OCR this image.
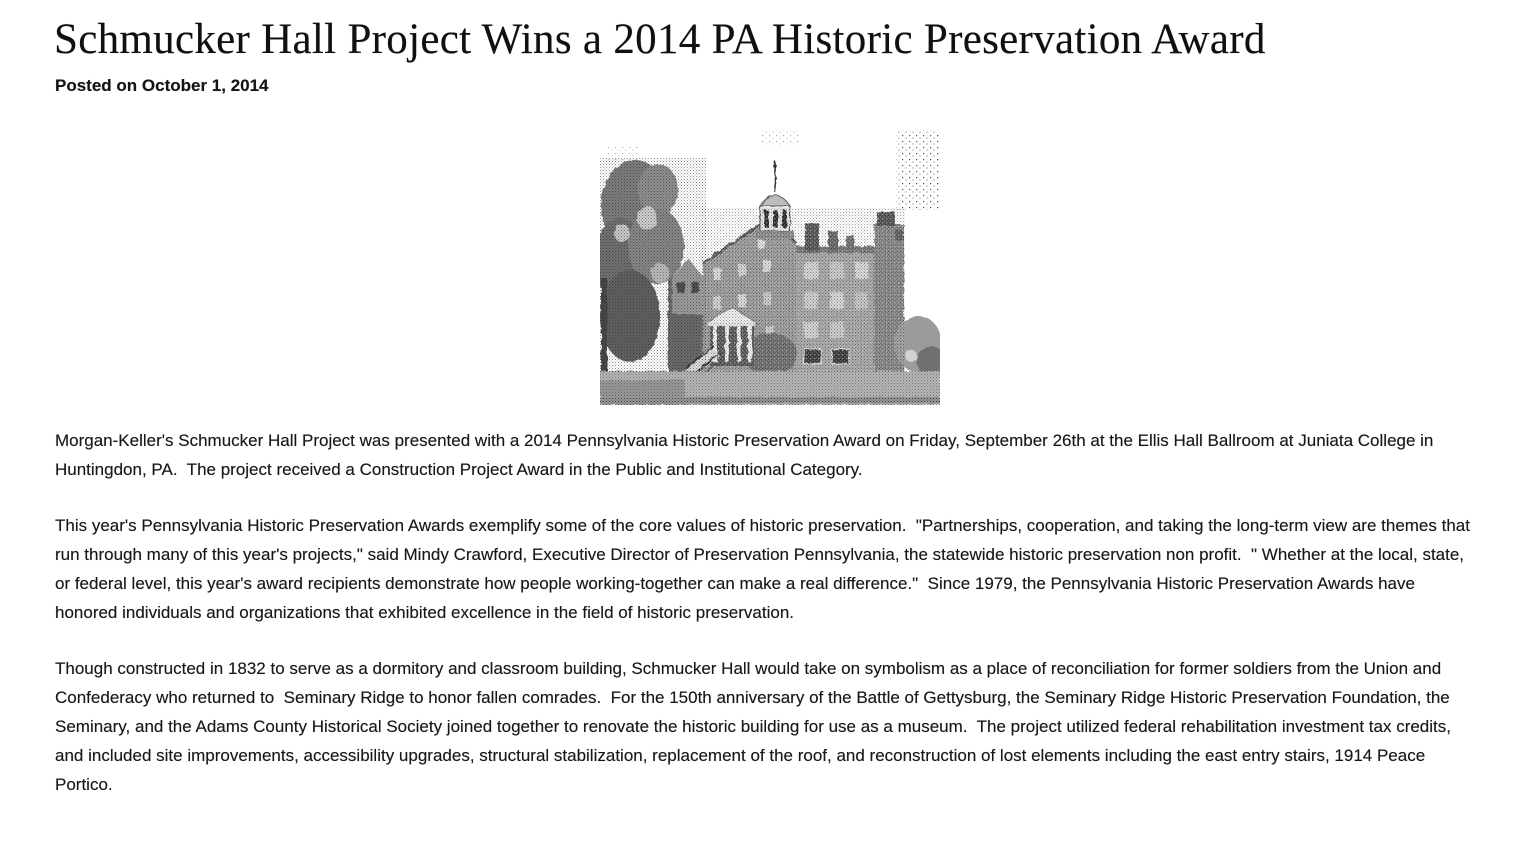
Schmucker Hall Project Wins a 2014 PA Historic Preservation Award
Posted on October 1, 2014

Morgan-Keller's Schmucker Hall Project was presented with a 2014 Pennsylvania Historic Preservation Award on Friday, September 26th at the Ellis Hall Ballroom at Juniata College in Huntingdon, PA.  The project received a Construction Project Award in the Public and Institutional Category.

This year's Pennsylvania Historic Preservation Awards exemplify some of the core values of historic preservation.  "Partnerships, cooperation, and taking the long-term view are themes that run through many of this year's projects," said Mindy Crawford, Executive Director of Preservation Pennsylvania, the statewide historic preservation non profit.  " Whether at the local, state, or federal level, this year's award recipients demonstrate how people working-together can make a real difference."  Since 1979, the Pennsylvania Historic Preservation Awards have honored individuals and organizations that exhibited excellence in the field of historic preservation.

Though constructed in 1832 to serve as a dormitory and classroom building, Schmucker Hall would take on symbolism as a place of reconciliation for former soldiers from the Union and Confederacy who returned to  Seminary Ridge to honor fallen comrades.  For the 150th anniversary of the Battle of Gettysburg, the Seminary Ridge Historic Preservation Foundation, the Seminary, and the Adams County Historical Society joined together to renovate the historic building for use as a museum.  The project utilized federal rehabilitation investment tax credits, and included site improvements, accessibility upgrades, structural stabilization, replacement of the roof, and reconstruction of lost elements including the east entry stairs, 1914 Peace Portico.
